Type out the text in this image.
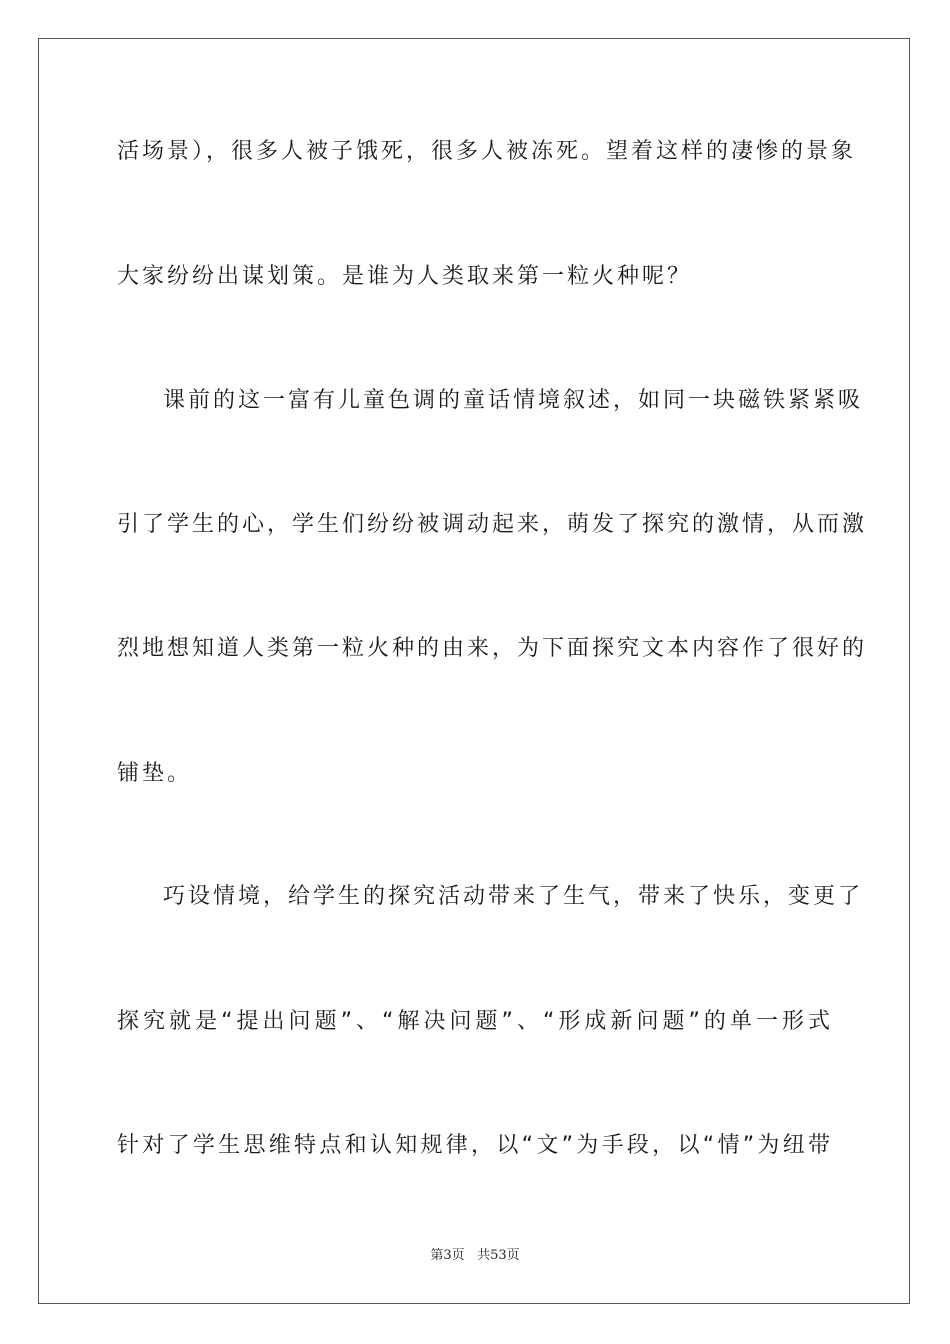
活场景），很多人被子饿死，很多人被冻死。望着这样的凄惨的景象
大家纷纷出谋划策。是谁为人类取来第一粒火种呢？
课前的这一富有儿童色调的童话情境叙述，如同一块磁铁紧紧吸
引了学生的心，学生们纷纷被调动起来，萌发了探究的激情，从而激
烈地想知道人类第一粒火种的由来，为下面探究文本内容作了很好的
铺垫。
巧设情境，给学生的探究活动带来了生气，带来了快乐，变更了
探究就是“提出问题”、“解决问题”、“形成新问题”的单一形式
针对了学生思维特点和认知规律，以“文”为手段，以“情”为纽带
第3页 共53页
